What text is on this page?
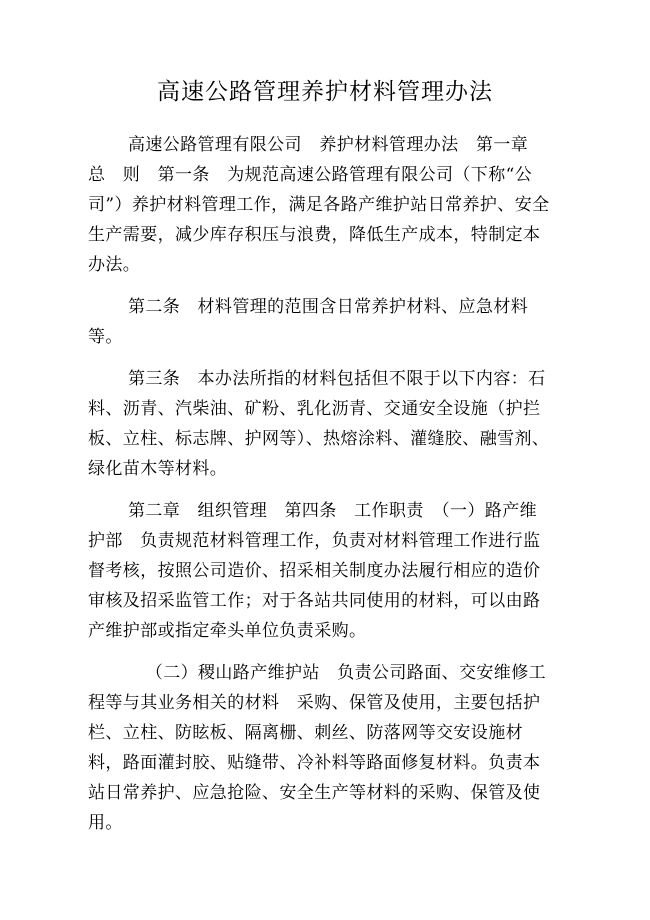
高速公路管理养护材料管理办法

高速公路管理有限公司　养护材料管理办法　第一章　总　则　第一条　为规范高速公路管理有限公司（下称“公司”）养护材料管理工作，满足各路产维护站日常养护、安全生产需要，减少库存积压与浪费，降低生产成本，特制定本办法。

第二条　材料管理的范围含日常养护材料、应急材料等。

第三条　本办法所指的材料包括但不限于以下内容：石料、沥青、汽柴油、矿粉、乳化沥青、交通安全设施（护拦板、立柱、标志牌、护网等）、热熔涂料、灌缝胶、融雪剂、绿化苗木等材料。

第二章　组织管理　第四条　工作职责　（一）路产维护部　负责规范材料管理工作，负责对材料管理工作进行监督考核，按照公司造价、招采相关制度办法履行相应的造价审核及招采监管工作；对于各站共同使用的材料，可以由路产维护部或指定牵头单位负责采购。

（二）稷山路产维护站　负责公司路面、交安维修工程等与其业务相关的材料　采购、保管及使用，主要包括护栏、立柱、防眩板、隔离栅、刺丝、防落网等交安设施材料，路面灌封胶、贴缝带、冷补料等路面修复材料。负责本站日常养护、应急抢险、安全生产等材料的采购、保管及使用。
